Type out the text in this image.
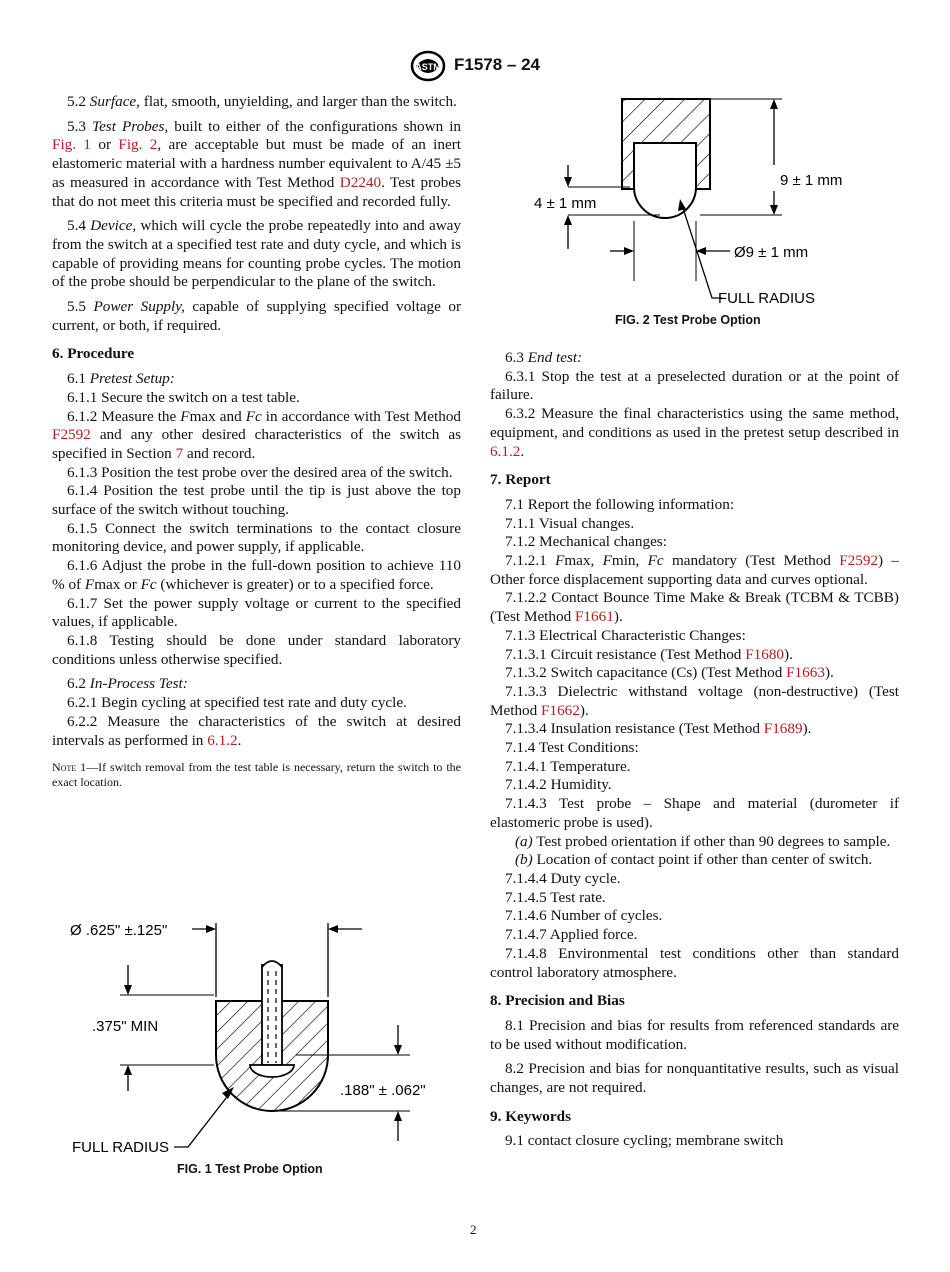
ASTM F1578 – 24

5.2 Surface, flat, smooth, unyielding, and larger than the switch.

5.3 Test Probes, built to either of the configurations shown in Fig. 1 or Fig. 2, are acceptable but must be made of an inert elastomeric material with a hardness number equivalent to A/45 ±5 as measured in accordance with Test Method D2240. Test probes that do not meet this criteria must be specified and recorded fully.

5.4 Device, which will cycle the probe repeatedly into and away from the switch at a specified test rate and duty cycle, and which is capable of providing means for counting probe cycles. The motion of the probe should be perpendicular to the plane of the switch.

5.5 Power Supply, capable of supplying specified voltage or current, or both, if required.

6. Procedure

6.1 Pretest Setup:

6.1.1 Secure the switch on a test table.

6.1.2 Measure the Fmax and Fc in accordance with Test Method F2592 and any other desired characteristics of the switch as specified in Section 7 and record.

6.1.3 Position the test probe over the desired area of the switch.

6.1.4 Position the test probe until the tip is just above the top surface of the switch without touching.

6.1.5 Connect the switch terminations to the contact closure monitoring device, and power supply, if applicable.

6.1.6 Adjust the probe in the full-down position to achieve 110 % of Fmax or Fc (whichever is greater) or to a specified force.

6.1.7 Set the power supply voltage or current to the specified values, if applicable.

6.1.8 Testing should be done under standard laboratory conditions unless otherwise specified.

6.2 In-Process Test:

6.2.1 Begin cycling at specified test rate and duty cycle.

6.2.2 Measure the characteristics of the switch at desired intervals as performed in 6.1.2.

Note 1—If switch removal from the test table is necessary, return the switch to the exact location.

Ø .625" ±.125"
.375" MIN
.188" ± .062"
FULL RADIUS
FIG. 1 Test Probe Option
9 ± 1 mm
4 ± 1 mm
Ø9 ± 1 mm
FULL RADIUS
FIG. 2 Test Probe Option

6.3 End test:

6.3.1 Stop the test at a preselected duration or at the point of failure.

6.3.2 Measure the final characteristics using the same method, equipment, and conditions as used in the pretest setup described in 6.1.2.

7. Report

7.1 Report the following information:

7.1.1 Visual changes.

7.1.2 Mechanical changes:

7.1.2.1 Fmax, Fmin, Fc mandatory (Test Method F2592) – Other force displacement supporting data and curves optional.

7.1.2.2 Contact Bounce Time Make & Break (TCBM & TCBB) (Test Method F1661).

7.1.3 Electrical Characteristic Changes:

7.1.3.1 Circuit resistance (Test Method F1680).

7.1.3.2 Switch capacitance (Cs) (Test Method F1663).

7.1.3.3 Dielectric withstand voltage (non-destructive) (Test Method F1662).

7.1.3.4 Insulation resistance (Test Method F1689).

7.1.4 Test Conditions:

7.1.4.1 Temperature.

7.1.4.2 Humidity.

7.1.4.3 Test probe – Shape and material (durometer if elastomeric probe is used).

(a) Test probed orientation if other than 90 degrees to sample.

(b) Location of contact point if other than center of switch.

7.1.4.4 Duty cycle.

7.1.4.5 Test rate.

7.1.4.6 Number of cycles.

7.1.4.7 Applied force.

7.1.4.8 Environmental test conditions other than standard control laboratory atmosphere.

8. Precision and Bias

8.1 Precision and bias for results from referenced standards are to be used without modification.

8.2 Precision and bias for nonquantitative results, such as visual changes, are not required.

9. Keywords

9.1 contact closure cycling; membrane switch

2
